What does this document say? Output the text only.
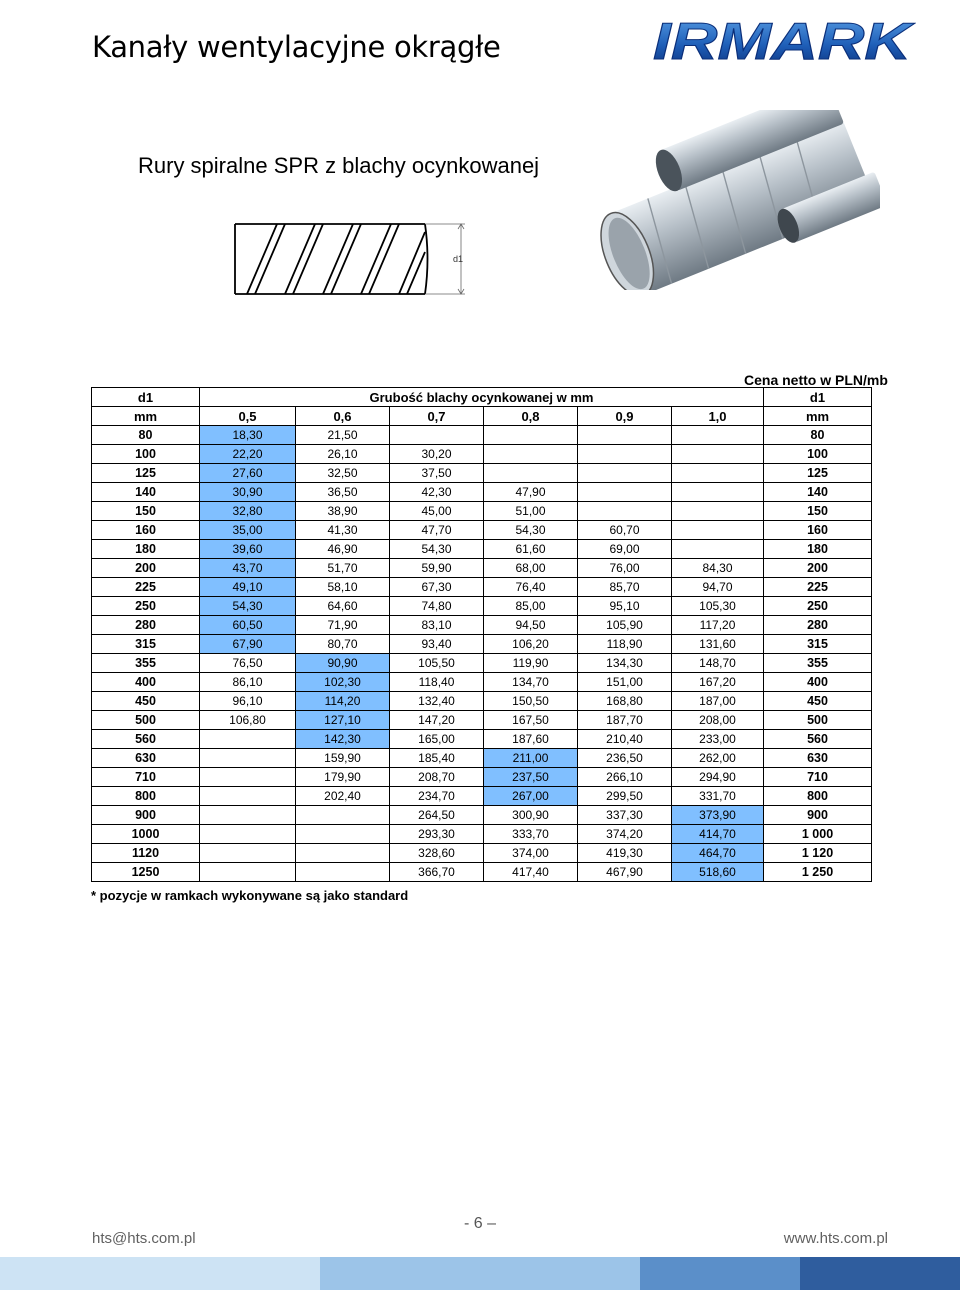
Kanały wentylacyjne okrągłe	IRMARK
Rury spiralne SPR z blachy ocynkowanej
d1
Cena netto w PLN/mb
d1	Grubość blachy ocynkowanej w mm						d1
mm	0,5	0,6	0,7	0,8	0,9	1,0	mm
80	18,30	21,50					80
100	22,20	26,10	30,20				100
125	27,60	32,50	37,50				125
140	30,90	36,50	42,30	47,90			140
150	32,80	38,90	45,00	51,00			150
160	35,00	41,30	47,70	54,30	60,70		160
180	39,60	46,90	54,30	61,60	69,00		180
200	43,70	51,70	59,90	68,00	76,00	84,30	200
225	49,10	58,10	67,30	76,40	85,70	94,70	225
250	54,30	64,60	74,80	85,00	95,10	105,30	250
280	60,50	71,90	83,10	94,50	105,90	117,20	280
315	67,90	80,70	93,40	106,20	118,90	131,60	315
355	76,50	90,90	105,50	119,90	134,30	148,70	355
400	86,10	102,30	118,40	134,70	151,00	167,20	400
450	96,10	114,20	132,40	150,50	168,80	187,00	450
500	106,80	127,10	147,20	167,50	187,70	208,00	500
560		142,30	165,00	187,60	210,40	233,00	560
630		159,90	185,40	211,00	236,50	262,00	630
710		179,90	208,70	237,50	266,10	294,90	710
800		202,40	234,70	267,00	299,50	331,70	800
900			264,50	300,90	337,30	373,90	900
1000			293,30	333,70	374,20	414,70	1 000
1120			328,60	374,00	419,30	464,70	1 120
1250			366,70	417,40	467,90	518,60	1 250
* pozycje w ramkach wykonywane są jako standard
- 6 –
hts@hts.com.pl	www.hts.com.pl
